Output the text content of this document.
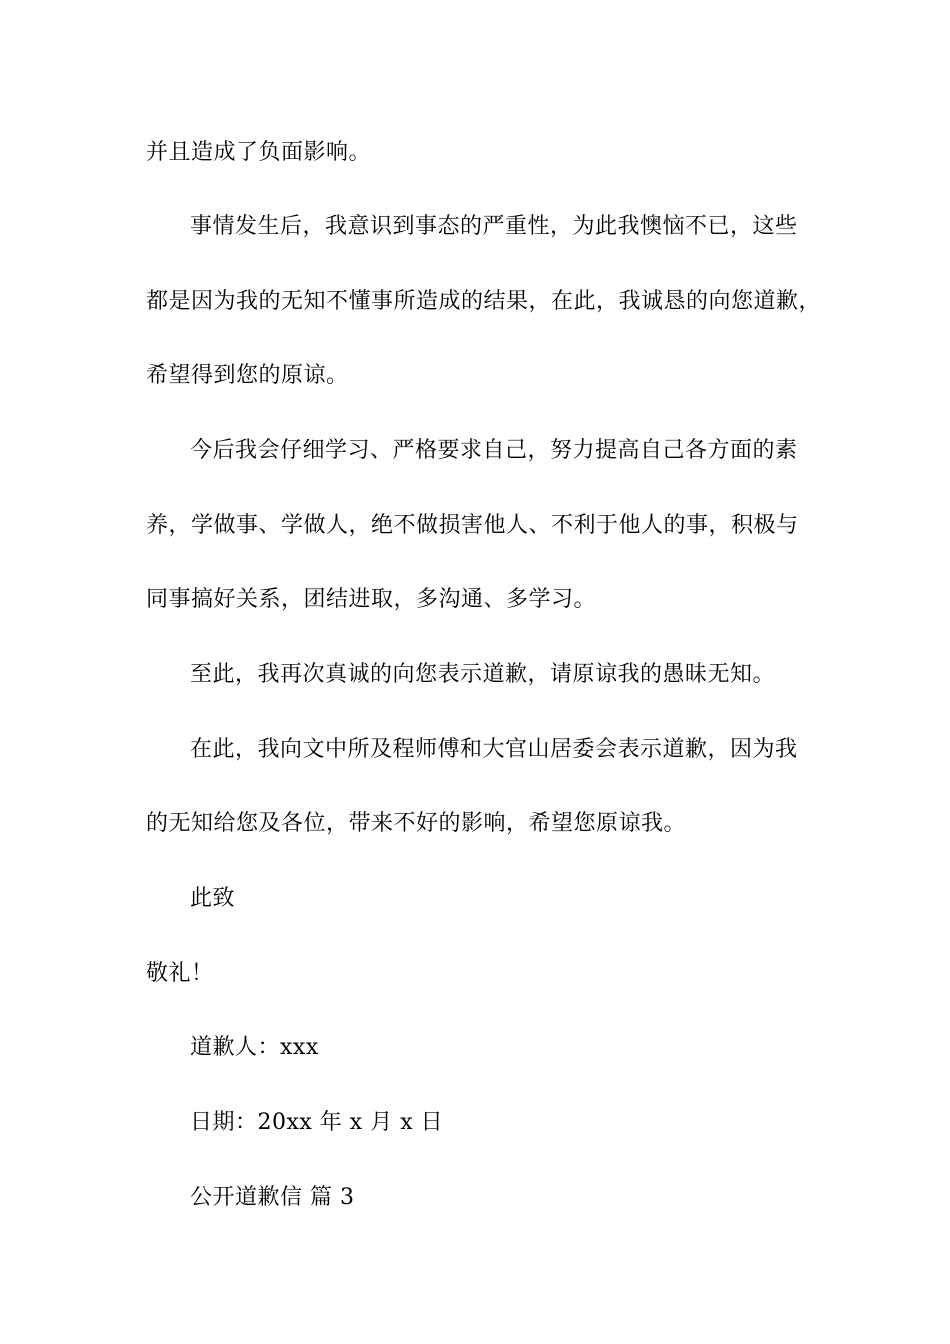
并且造成了负面影响。
事情发生后，我意识到事态的严重性，为此我懊恼不已，这些
都是因为我的无知不懂事所造成的结果，在此，我诚恳的向您道歉，
希望得到您的原谅。
今后我会仔细学习、严格要求自己，努力提高自己各方面的素
养，学做事、学做人，绝不做损害他人、不利于他人的事，积极与
同事搞好关系，团结进取，多沟通、多学习。
至此，我再次真诚的向您表示道歉，请原谅我的愚昧无知。
在此，我向文中所及程师傅和大官山居委会表示道歉，因为我
的无知给您及各位，带来不好的影响，希望您原谅我。
此致
敬礼！
道歉人：xxx
日期：20xx 年 x 月 x 日
公开道歉信 篇 3
